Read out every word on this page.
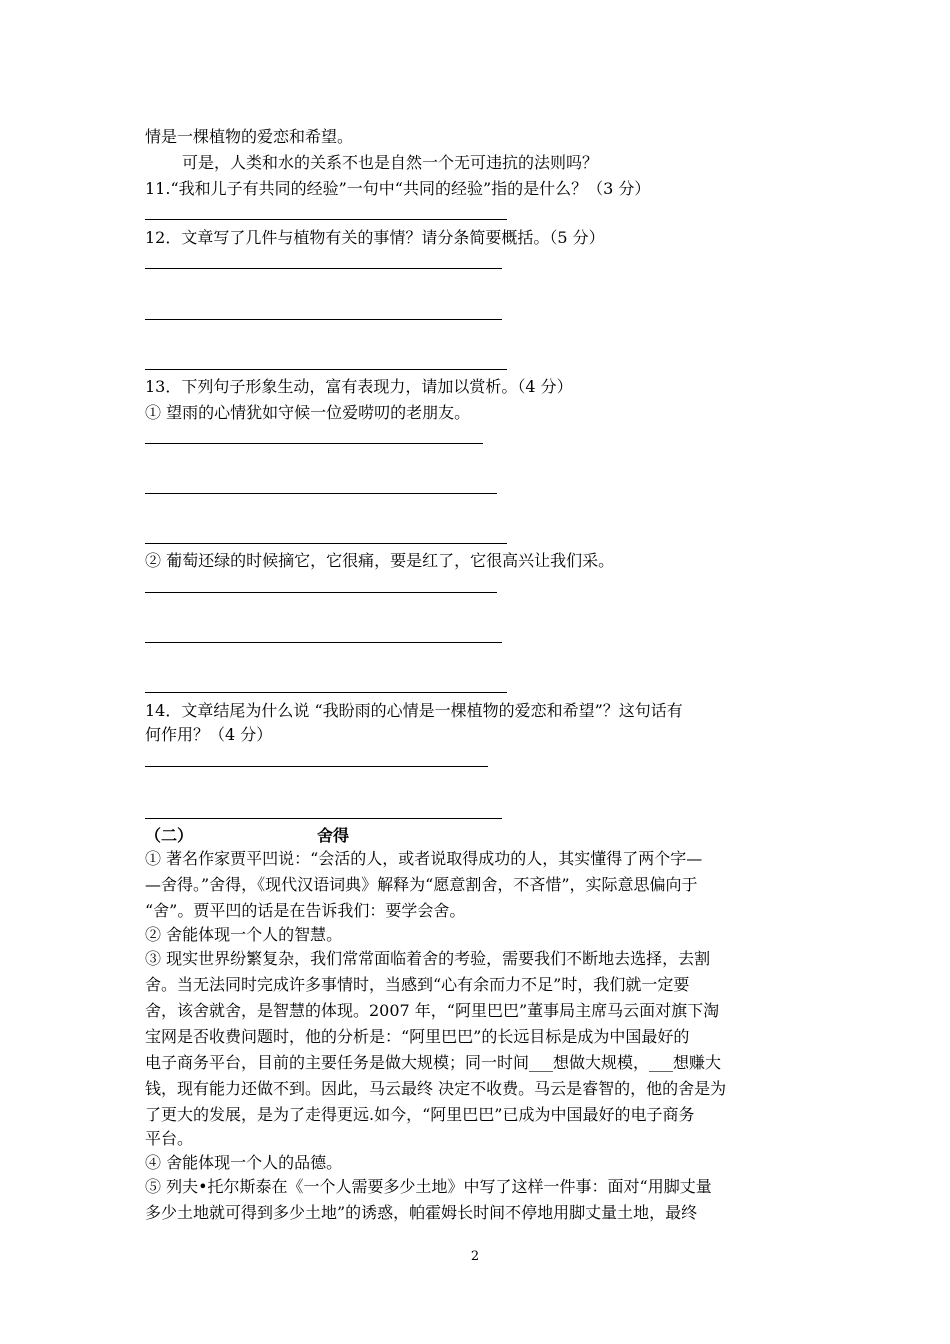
情是一棵植物的爱恋和希望。
可是，人类和水的关系不也是自然一个无可违抗的法则吗？
11.“我和儿子有共同的经验”一句中“共同的经验”指的是什么？（3 分）
12．文章写了几件与植物有关的事情？请分条简要概括。（5 分）
13．下列句子形象生动，富有表现力，请加以赏析。（4 分）
① 望雨的心情犹如守候一位爱唠叨的老朋友。
② 葡萄还绿的时候摘它，它很痛，要是红了，它很高兴让我们采。
14．文章结尾为什么说 “我盼雨的心情是一棵植物的爱恋和希望”？这句话有
何作用？（4 分）
（二）	舍得
① 著名作家贾平凹说：“会活的人，或者说取得成功的人，其实懂得了两个字—
—舍得。”舍得，《现代汉语词典》解释为“愿意割舍，不吝惜”，实际意思偏向于
“舍”。贾平凹的话是在告诉我们：要学会舍。
② 舍能体现一个人的智慧。
③ 现实世界纷繁复杂，我们常常面临着舍的考验，需要我们不断地去选择，去割
舍。当无法同时完成许多事情时，当感到“心有余而力不足”时，我们就一定要
舍，该舍就舍，是智慧的体现。2007 年，“阿里巴巴”董事局主席马云面对旗下淘
宝网是否收费问题时，他的分析是：“阿里巴巴”的长远目标是成为中国最好的
电子商务平台，目前的主要任务是做大规模；同一时间___想做大规模，___想赚大
钱，现有能力还做不到。因此，马云最终 决定不收费。马云是睿智的，他的舍是为
了更大的发展，是为了走得更远.如今，“阿里巴巴”已成为中国最好的电子商务
平台。
④ 舍能体现一个人的品德。
⑤ 列夫•托尔斯泰在《一个人需要多少土地》中写了这样一件事：面对“用脚丈量
多少土地就可得到多少土地”的诱惑，帕霍姆长时间不停地用脚丈量土地，最终
2
